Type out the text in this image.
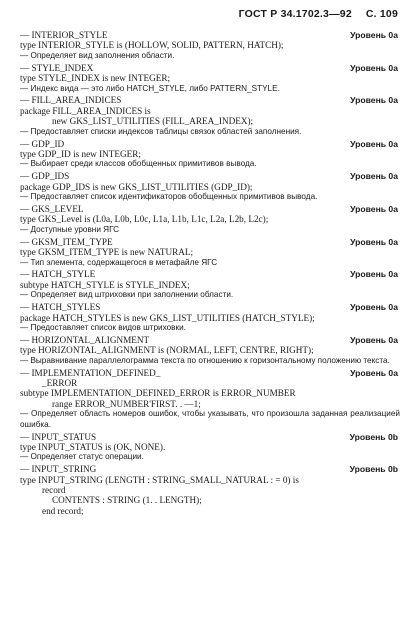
ГОСТ Р 34.1702.3—92 С. 109
— INTERIOR_STYLE	Уровень 0а
type INTERIOR_STYLE is (HOLLOW, SOLID, PATTERN, HATCH);
— Определяет вид заполнения области.
— STYLE_INDEX	Уровень 0а
type STYLE_INDEX is new INTEGER;
— Индекс вида — это либо HATCH_STYLE, либо PATTERN_STYLE.
— FILL_AREA_INDICES	Уровень 0а
package FILL_AREA_INDICES is
new GKS_LIST_UTILITIES (FILL_AREA_INDEX);
— Предоставляет списки индексов таблицы связок областей заполнения.
— GDP_ID	Уровень 0а
type GDP_ID is new INTEGER;
— Выбирает среди классов обобщенных примитивов вывода.
— GDP_IDS	Уровень 0а
package GDP_IDS is new GKS_LIST_UTILITIES (GDP_ID);
— Предоставляет список идентификаторов обобщенных примитивов вывода.
— GKS_LEVEL	Уровень 0а
type GKS_Level is (L0a, L0b, L0c, L1a, L1b, L1c, L2a, L2b, L2c);
— Доступные уровни ЯГС
— GKSM_ITEM_TYPE	Уровень 0а
type GKSM_ITEM_TYPE is new NATURAL;
— Тип элемента, содержащегося в метафайле ЯГС
— HATCH_STYLE	Уровень 0а
subtype HATCH_STYLE is STYLE_INDEX;
— Определяет вид штриховки при заполнении области.
— HATCH_STYLES	Уровень 0а
package HATCH_STYLES is new GKS_LIST_UTILITIES (HATCH_STYLE);
— Предоставляет список видов штриховки.
— HORIZONTAL_ALIGNMENT	Уровень 0а
type HORIZONTAL_ALIGNMENT is (NORMAL, LEFT, CENTRE, RIGHT);
— Выравнивание параллелограмма текста по отношению к горизонтальному положению текста.
— IMPLEMENTATION_DEFINED_	Уровень 0а
_ERROR
subtype IMPLEMENTATION_DEFINED_ERROR is ERROR_NUMBER
range ERROR_NUMBER'FIRST. . —1;
— Определяет область номеров ошибок, чтобы указывать, что произошла заданная реализацией ошибка.
— INPUT_STATUS	Уровень 0b
type INPUT_STATUS is (OK, NONE).
— Определяет статус операции.
— INPUT_STRING	Уровень 0b
type INPUT_STRING (LENGTH : STRING_SMALL_NATURAL : = 0) is
record
CONTENTS : STRING (1. . LENGTH);
end record;
